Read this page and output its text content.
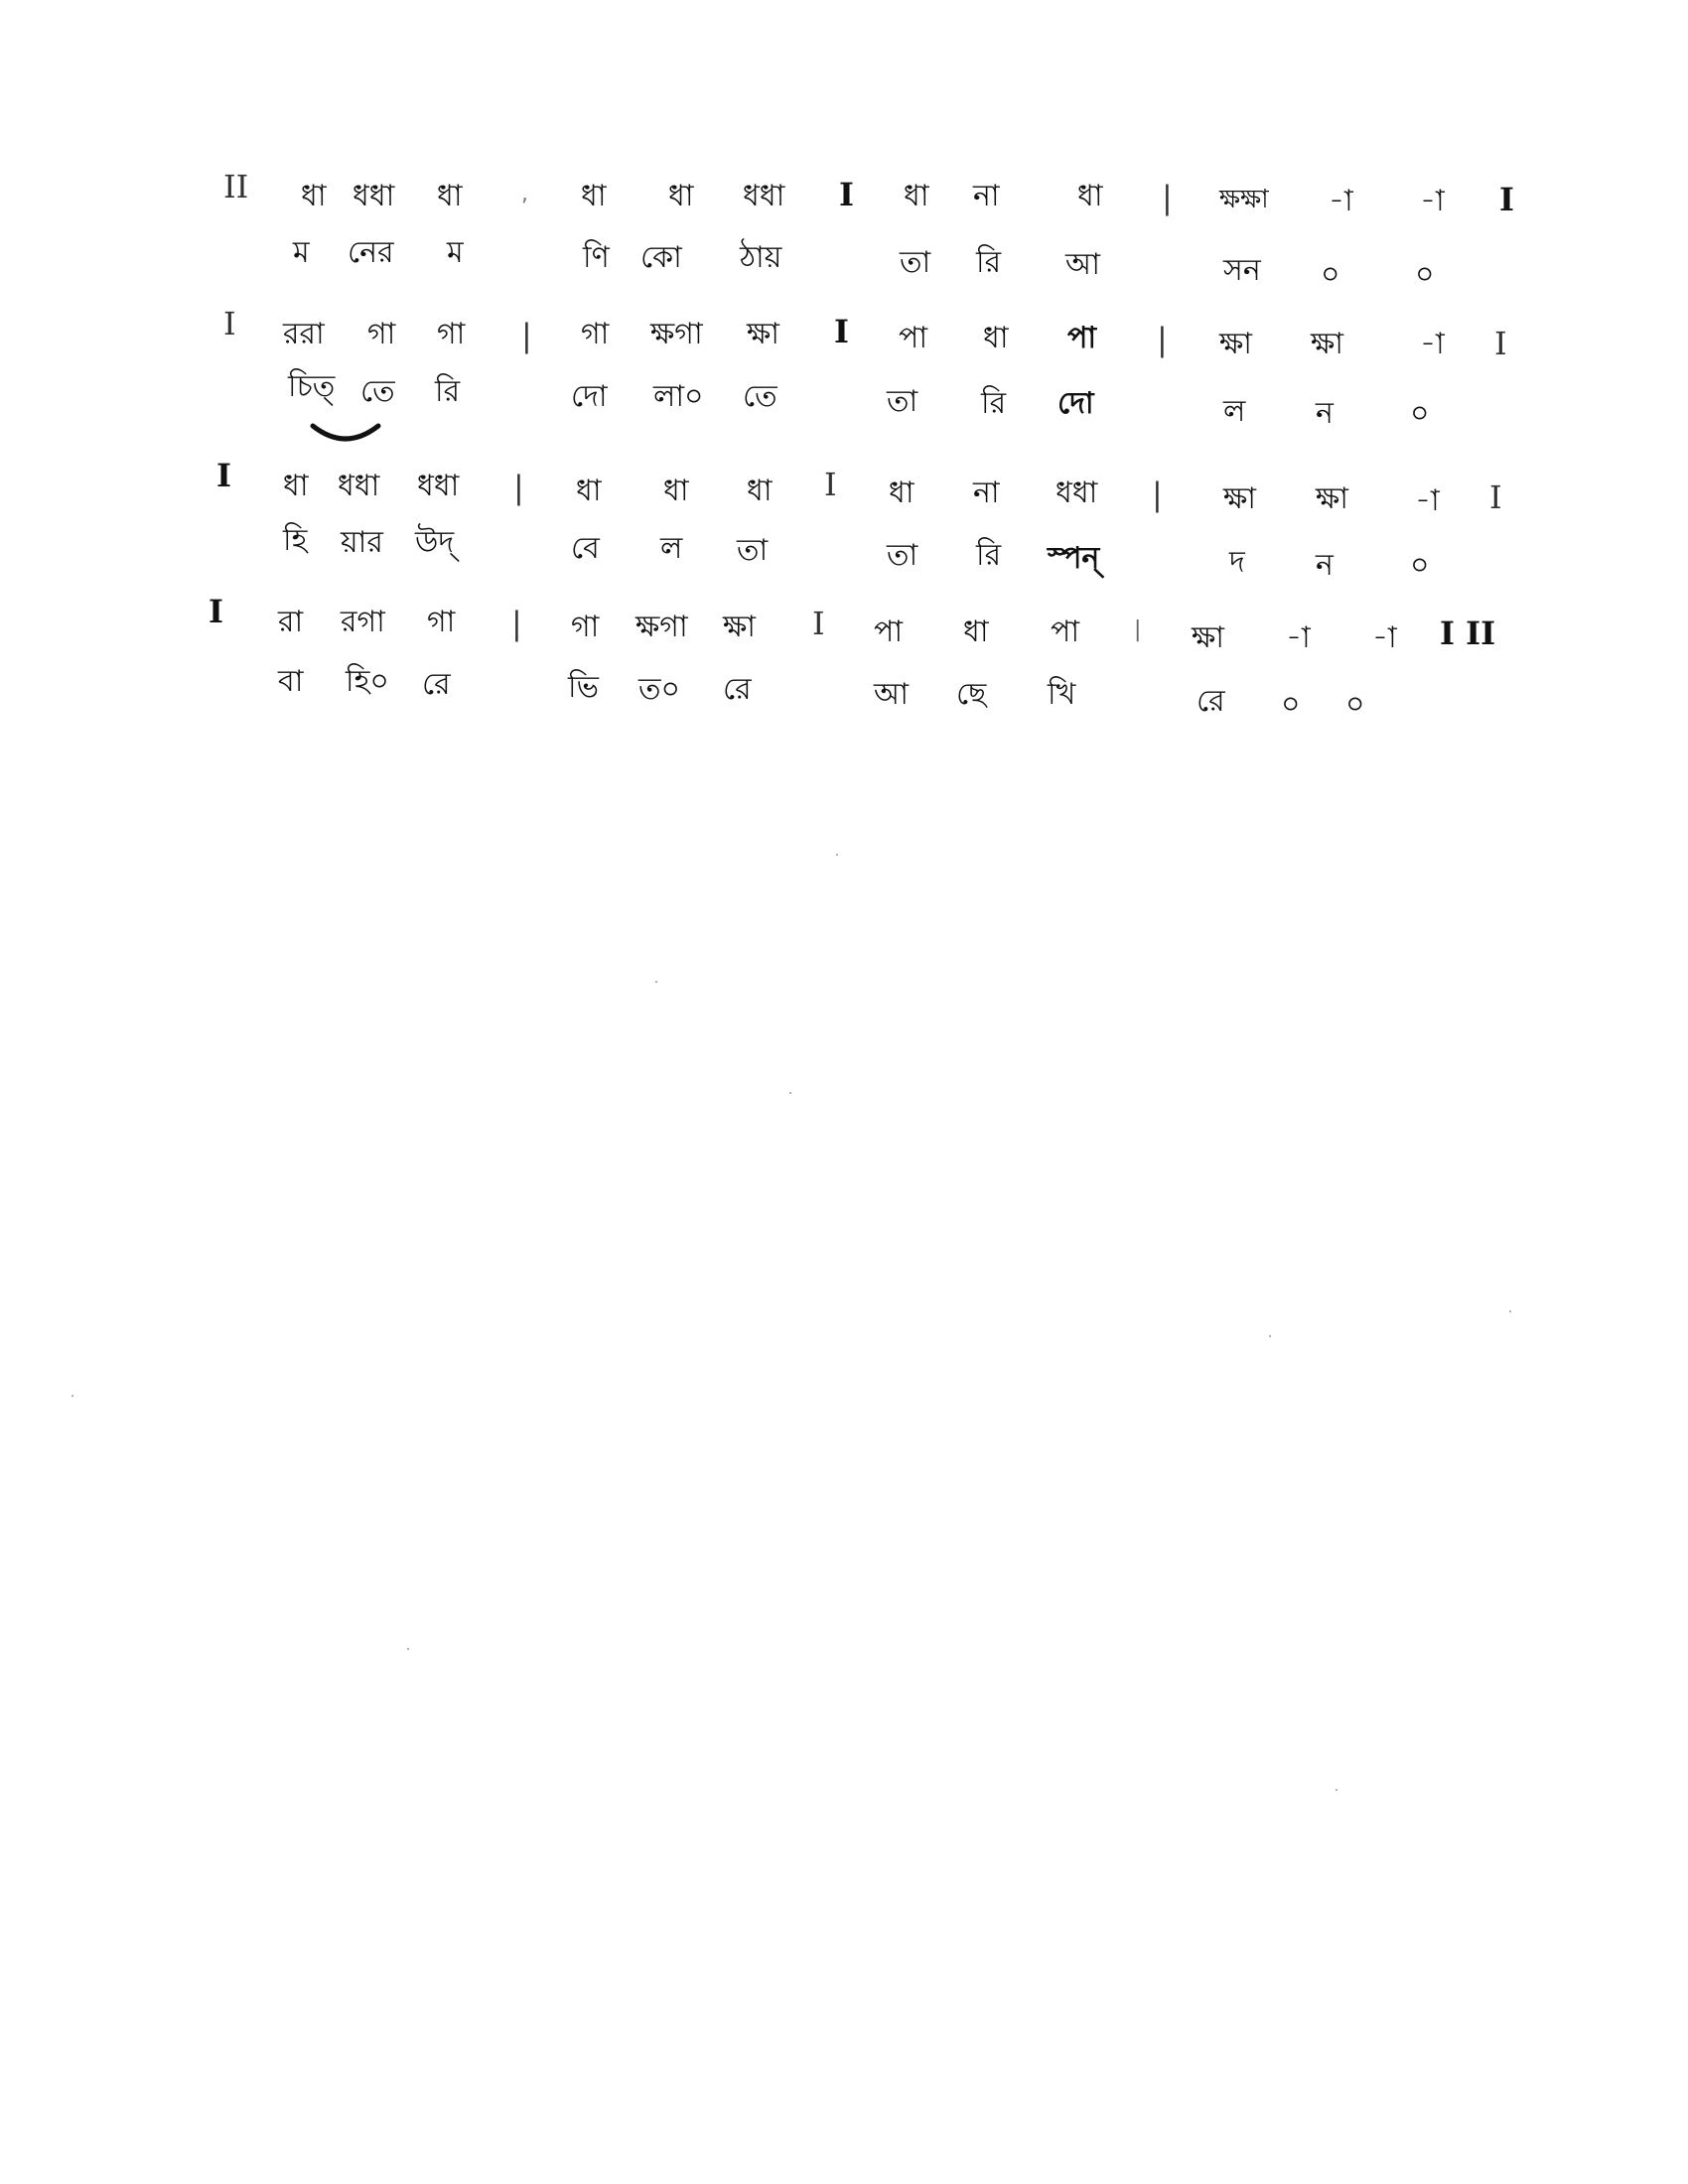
II ধা ধধা ধা	, ধা ধা ধধা I ধা না	ধা | ক্ষক্ষা -া -া I
ম নের ম	ণি কো ঠায়	তা রি আ	সন ০	০
I ররা গা গা | গা ক্ষগা ক্ষা I পা ধা পা | ক্ষা ক্ষা	-া I
চিত্ তে রি	দো লা০ তে	তা রি দো	ল ন	০
I ধা ধধা ধধা | ধা ধা ধা I ধা না ধধা | ক্ষা ক্ষা -া I
হি য়ার উদ্	বে ল তা	তা রি স্পন্	দ ন	০
I রা রগা গা | গা ক্ষগা ক্ষা I পা ধা পা | ক্ষা -া -া I II
বা হি০ রে	ভি ত০ রে	আ ছে খি	রে ০ ০
